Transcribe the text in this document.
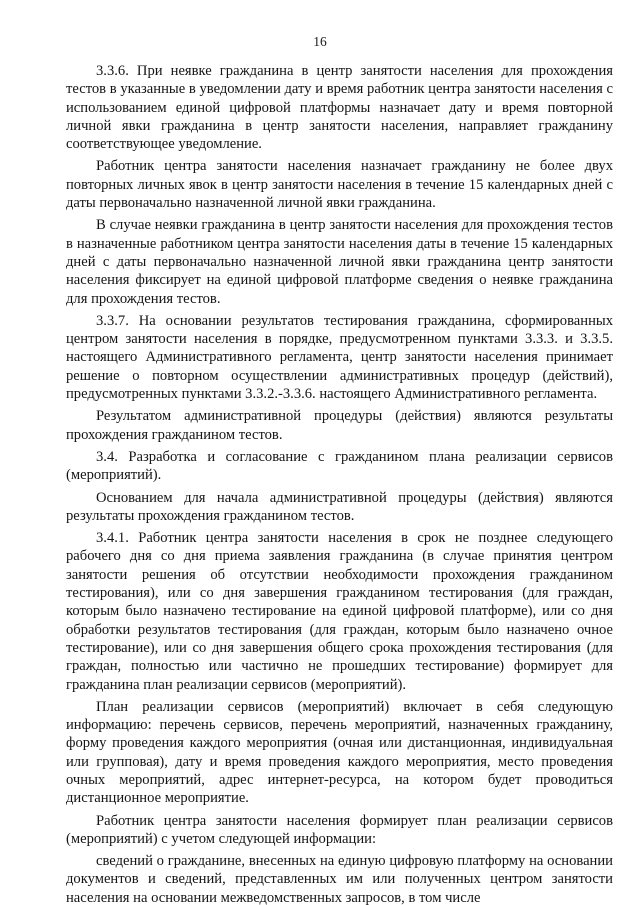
16

3.3.6. При неявке гражданина в центр занятости населения для прохождения тестов в указанные в уведомлении дату и время работник центра занятости населения с использованием единой цифровой платформы назначает дату и время повторной личной явки гражданина в центр занятости населения, направляет гражданину соответствующее уведомление.

Работник центра занятости населения назначает гражданину не более двух повторных личных явок в центр занятости населения в течение 15 календарных дней с даты первоначально назначенной личной явки гражданина.

В случае неявки гражданина в центр занятости населения для прохождения тестов в назначенные работником центра занятости населения даты в течение 15 календарных дней с даты первоначально назначенной личной явки гражданина центр занятости населения фиксирует на единой цифровой платформе сведения о неявке гражданина для прохождения тестов.

3.3.7. На основании результатов тестирования гражданина, сформированных центром занятости населения в порядке, предусмотренном пунктами 3.3.3. и 3.3.5. настоящего Административного регламента, центр занятости населения принимает решение о повторном осуществлении административных процедур (действий), предусмотренных пунктами 3.3.2.-3.3.6. настоящего Административного регламента.

Результатом административной процедуры (действия) являются результаты прохождения гражданином тестов.

3.4. Разработка и согласование с гражданином плана реализации сервисов (мероприятий).

Основанием для начала административной процедуры (действия) являются результаты прохождения гражданином тестов.

3.4.1. Работник центра занятости населения в срок не позднее следующего рабочего дня со дня приема заявления гражданина (в случае принятия центром занятости решения об отсутствии необходимости прохождения гражданином тестирования), или со дня завершения гражданином тестирования (для граждан, которым было назначено тестирование на единой цифровой платформе), или со дня обработки результатов тестирования (для граждан, которым было назначено очное тестирование), или со дня завершения общего срока прохождения тестирования (для граждан, полностью или частично не прошедших тестирование) формирует для гражданина план реализации сервисов (мероприятий).

План реализации сервисов (мероприятий) включает в себя следующую информацию: перечень сервисов, перечень мероприятий, назначенных гражданину, форму проведения каждого мероприятия (очная или дистанционная, индивидуальная или групповая), дату и время проведения каждого мероприятия, место проведения очных мероприятий, адрес интернет-ресурса, на котором будет проводиться дистанционное мероприятие.

Работник центра занятости населения формирует план реализации сервисов (мероприятий) с учетом следующей информации:

сведений о гражданине, внесенных на единую цифровую платформу на основании документов и сведений, представленных им или полученных центром занятости населения на основании межведомственных запросов, в том числе
